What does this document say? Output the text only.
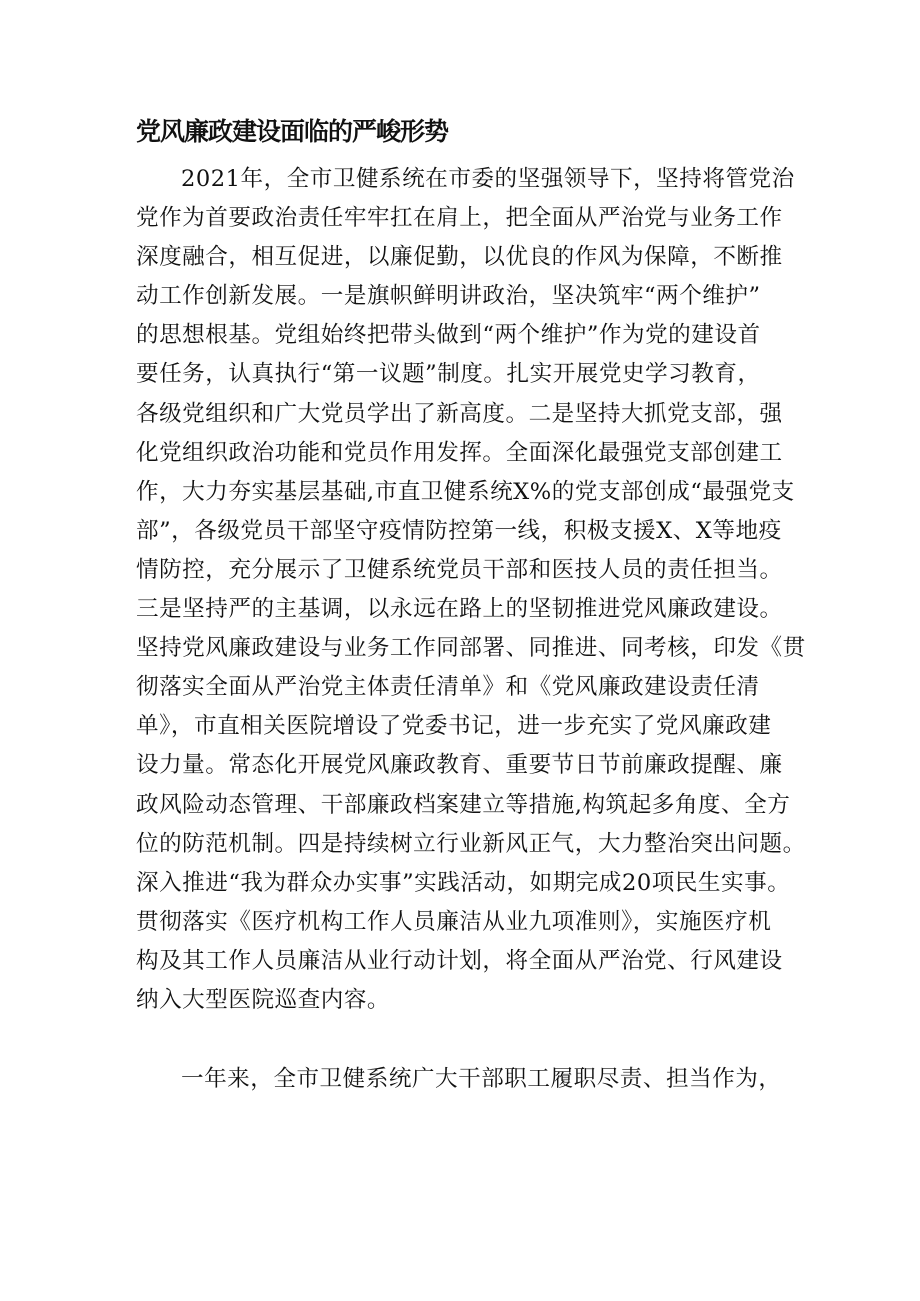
党风廉政建设面临的严峻形势
2021年，全市卫健系统在市委的坚强领导下，坚持将管党治
党作为首要政治责任牢牢扛在肩上，把全面从严治党与业务工作
深度融合，相互促进，以廉促勤，以优良的作风为保障，不断推
动工作创新发展。一是旗帜鲜明讲政治，坚决筑牢“两个维护”
的思想根基。党组始终把带头做到“两个维护”作为党的建设首
要任务，认真执行“第一议题”制度。扎实开展党史学习教育，
各级党组织和广大党员学出了新高度。二是坚持大抓党支部，强
化党组织政治功能和党员作用发挥。全面深化最强党支部创建工
作，大力夯实基层基础,市直卫健系统X%的党支部创成“最强党支
部”，各级党员干部坚守疫情防控第一线，积极支援X、X等地疫
情防控，充分展示了卫健系统党员干部和医技人员的责任担当。
三是坚持严的主基调，以永远在路上的坚韧推进党风廉政建设。
坚持党风廉政建设与业务工作同部署、同推进、同考核，印发《贯
彻落实全面从严治党主体责任清单》和《党风廉政建设责任清
单》，市直相关医院增设了党委书记，进一步充实了党风廉政建
设力量。常态化开展党风廉政教育、重要节日节前廉政提醒、廉
政风险动态管理、干部廉政档案建立等措施,构筑起多角度、全方
位的防范机制。四是持续树立行业新风正气，大力整治突出问题。
深入推进“我为群众办实事”实践活动，如期完成20项民生实事。
贯彻落实《医疗机构工作人员廉洁从业九项准则》，实施医疗机
构及其工作人员廉洁从业行动计划，将全面从严治党、行风建设
纳入大型医院巡查内容。
一年来，全市卫健系统广大干部职工履职尽责、担当作为，
